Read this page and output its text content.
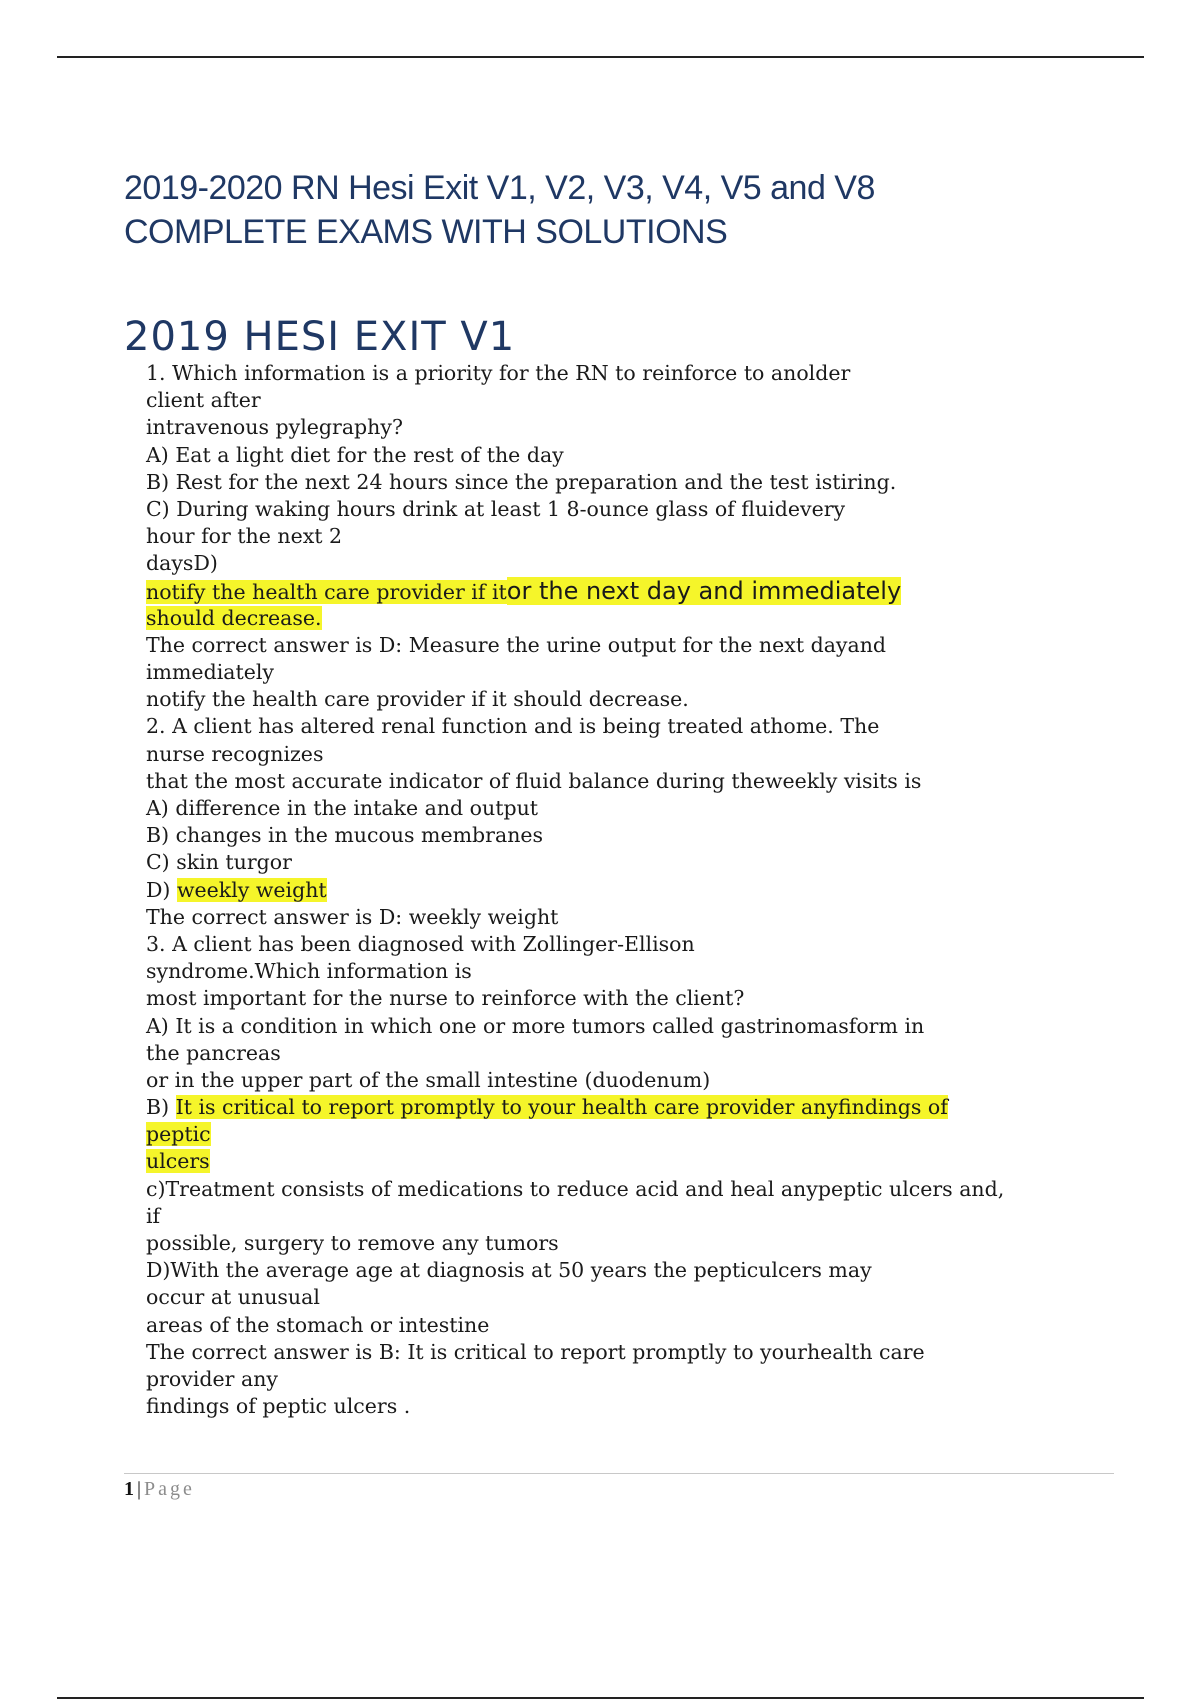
2019-2020 RN Hesi Exit V1, V2, V3, V4, V5 and V8
COMPLETE EXAMS WITH SOLUTIONS
2019 HESI EXIT V1
1. Which information is a priority for the RN to reinforce to anolder
client after
intravenous pylegraphy?
A) Eat a light diet for the rest of the day
B) Rest for the next 24 hours since the preparation and the test istiring.
C) During waking hours drink at least 1 8-ounce glass of fluidevery
hour for the next 2
daysD)
notify the health care provider if itor the next day and immediately
should decrease.
The correct answer is D: Measure the urine output for the next dayand
immediately
notify the health care provider if it should decrease.
2. A client has altered renal function and is being treated athome. The
nurse recognizes
that the most accurate indicator of fluid balance during theweekly visits is
A) difference in the intake and output
B) changes in the mucous membranes
C) skin turgor
D) weekly weight
The correct answer is D: weekly weight
3. A client has been diagnosed with Zollinger-Ellison
syndrome.Which information is
most important for the nurse to reinforce with the client?
A) It is a condition in which one or more tumors called gastrinomasform in
the pancreas
or in the upper part of the small intestine (duodenum)
B) It is critical to report promptly to your health care provider anyfindings of
peptic
ulcers
c)Treatment consists of medications to reduce acid and heal anypeptic ulcers and,
if
possible, surgery to remove any tumors
D)With the average age at diagnosis at 50 years the pepticulcers may
occur at unusual
areas of the stomach or intestine
The correct answer is B: It is critical to report promptly to yourhealth care
provider any
findings of peptic ulcers .
1 | Page
